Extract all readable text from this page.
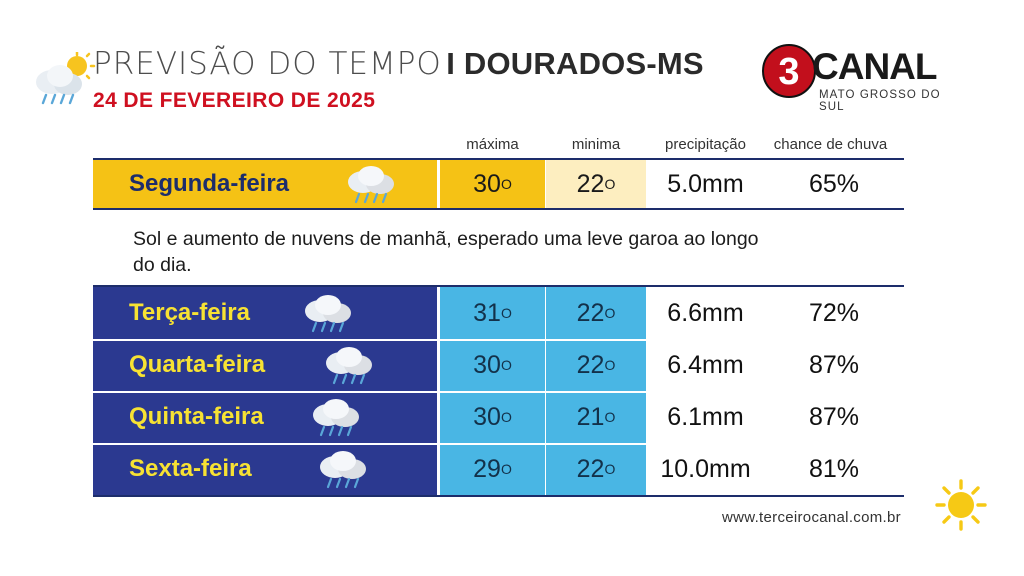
PREVISÃO DO TEMPO I DOURADOS-MS
24 DE FEVEREIRO DE 2025
3 CANAL
MATO GROSSO DO SUL
máxima	minima	precipitação	chance de chuva
Segunda-feira	30 O	22 O	5.0mm	65%
Sol e aumento de nuvens de manhã, esperado uma leve garoa ao longo do dia.
Terça-feira	31 O	22 O	6.6mm	72%
Quarta-feira	30 O	22 O	6.4mm	87%
Quinta-feira	30 O	21 O	6.1mm	87%
Sexta-feira	29 O	22 O	10.0mm	81%
www.terceirocanal.com.br
